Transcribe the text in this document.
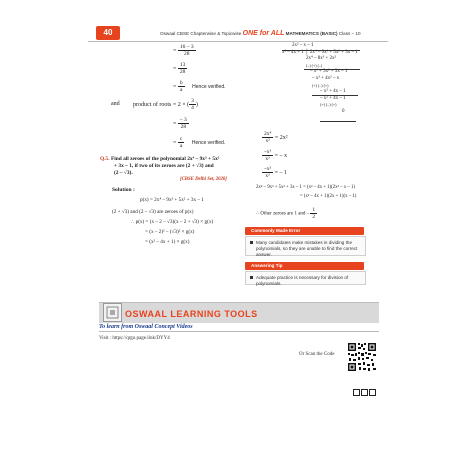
40	Oswaal CBSE Chapterwise & Topicwise ONE for ALL MATHEMATICS (BASIC) Class – 10
= $\frac{16 - 3}{28}$
= $\frac{13}{28}$
= $\frac{b}{a}$ Hence verified.
and product of roots = 2 × ( $\frac{3}{4}$ )
= $\frac{- 3}{28}$
= $\frac{c}{a}$ Hence verified.
Q.5. Find all zeroes of the polynomial 2x⁴ – 9x³ + 5x²
+ 3x – 1, if two of its zeroes are (2 + √3) and
(2 – √3).
[CBSE Delhi Set, 2020]
Solution :
p(x) = 2x⁴ – 9x³ + 5x² + 3x – 1
(2 + √3) and (2 – √3) are zeroes of p(x)
∴ p(x) = (x – 2 – √3)(x – 2 + √3) × g(x)
= (x – 2)² – (√3)² × g(x)
= (x² – 4x + 1) × g(x)
2x² – x – 1
x² – 4x + 1 │ 2x⁴ – 9x³ + 5x² + 3x – 1
2x⁴ – 8x³ + 2x²
(–) (+) (–)
– x³ + 3x² + 3x – 1
– x³ + 4x² – x
(+) (–) (+)
– x² + 4x – 1
– x² + 4x – 1
(+) (–) (+)
0
$\frac{\text{2x⁴}}{\text{x²}} = 2x^2$
$\frac{\text{–x³}}{\text{x²}}$ = – x
$\frac{\text{–x²}}{\text{x²}}$ = – 1
2x⁴ – 9x³ + 5x² + 3x – 1 = (x² – 4x + 1)(2x² – x – 1)
= (x² – 4x + 1)(2x + 1)(x – 1)
∴ Other zeroes are 1 and – $\frac{1}{2}$
Commonly Made Error
Many candidates make mistakes in dividing the polynomials, so they are unable to find the correct answer.
Answering Tip
Adequate practice is necessary for division of polynomials.
OSWAAL LEARNING TOOLS
To learn from Oswaal Concept Videos
Visit : https://qrgo.page.link/DYY4
Or Scan the Code
